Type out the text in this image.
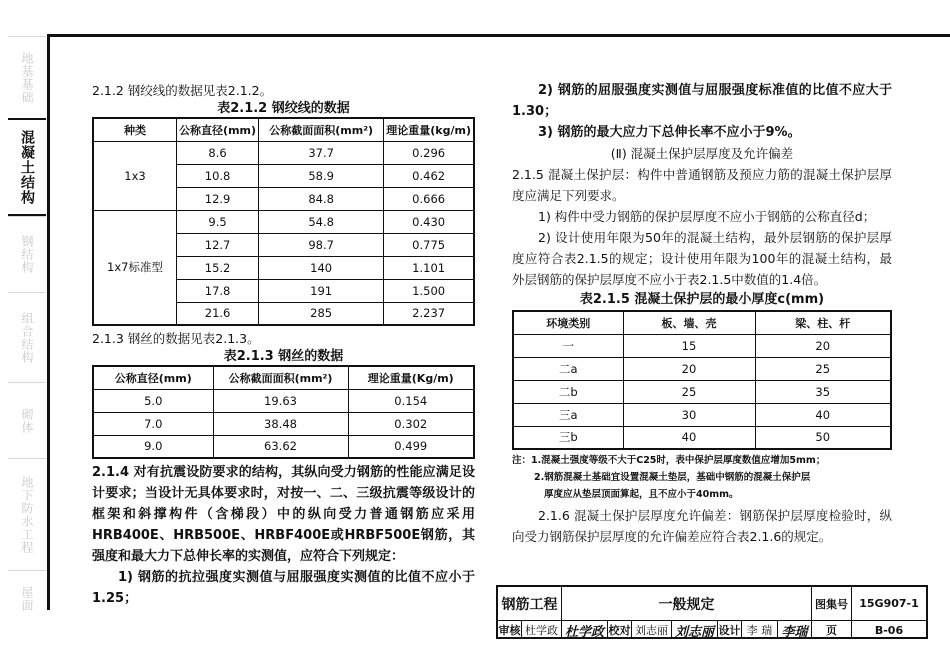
地基基础
混凝土结构
钢结构
组合结构
砌体
地下防水工程
屋面
2.1.2 钢绞线的数据见表2.1.2。
表2.1.2 钢绞线的数据
种类	公称直径(mm)	公称截面面积(mm²)	理论重量(kg/m)
1x3	8.6	37.7	0.296
	10.8	58.9	0.462
	12.9	84.8	0.666
1x7标准型	9.5	54.8	0.430
	12.7	98.7	0.775
	15.2	140	1.101
	17.8	191	1.500
	21.6	285	2.237
2.1.3 钢丝的数据见表2.1.3。
表2.1.3 钢丝的数据
公称直径(mm)	公称截面面积(mm²)	理论重量(Kg/m)
5.0	19.63	0.154
7.0	38.48	0.302
9.0	63.62	0.499
2.1.4 对有抗震设防要求的结构，其纵向受力钢筋的性能应满足设计要求；当设计无具体要求时，对按一、二、三级抗震等级设计的框架和斜撑构件（含梯段）中的纵向受力普通钢筋应采用HRB400E、HRB500E、HRBF400E或HRBF500E钢筋，其强度和最大力下总伸长率的实测值，应符合下列规定：
1) 钢筋的抗拉强度实测值与屈服强度实测值的比值不应小于1.25；
2) 钢筋的屈服强度实测值与屈服强度标准值的比值不应大于1.30；
3) 钢筋的最大应力下总伸长率不应小于9%。
(Ⅱ) 混凝土保护层厚度及允许偏差
2.1.5 混凝土保护层：构件中普通钢筋及预应力筋的混凝土保护层厚度应满足下列要求。
1) 构件中受力钢筋的保护层厚度不应小于钢筋的公称直径d；
2) 设计使用年限为50年的混凝土结构，最外层钢筋的保护层厚度应符合表2.1.5的规定；设计使用年限为100年的混凝土结构，最外层钢筋的保护层厚度不应小于表2.1.5中数值的1.4倍。
表2.1.5 混凝土保护层的最小厚度c(mm)
环境类别	板、墙、壳	梁、柱、杆
一	15	20
二a	20	25
二b	25	35
三a	30	40
三b	40	50
注：1.混凝土强度等级不大于C25时，表中保护层厚度数值应增加5mm；
2.钢筋混凝土基础宜设置混凝土垫层，基础中钢筋的混凝土保护层
厚度应从垫层顶面算起，且不应小于40mm。
2.1.6 混凝土保护层厚度允许偏差：钢筋保护层厚度检验时，纵向受力钢筋保护层厚度的允许偏差应符合表2.1.6的规定。
钢筋工程	一般规定	图集号	15G907-1
审核 杜学政 杜学政 校对 刘志丽 刘志丽 设计 李 瑞 李瑞	页	B-06
